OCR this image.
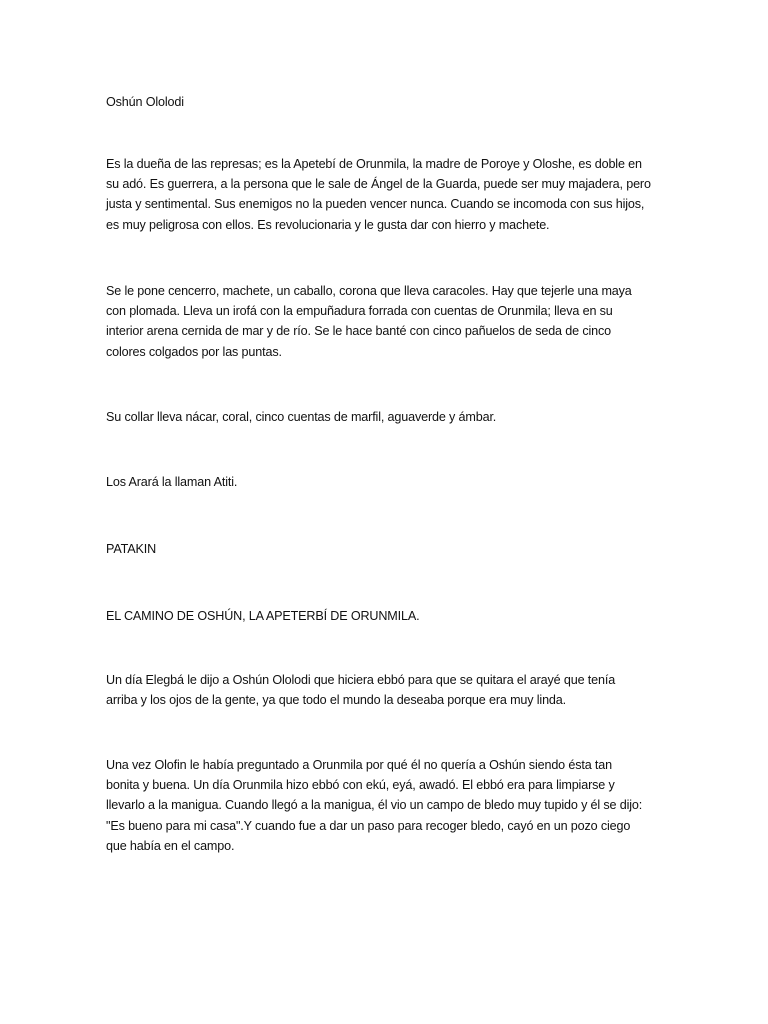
Oshún Ololodi

Es la dueña de las represas; es la Apetebí de Orunmila, la madre de Poroye y Oloshe, es doble en
su adó. Es guerrera, a la persona que le sale de Ángel de la Guarda, puede ser muy majadera, pero
justa y sentimental. Sus enemigos no la pueden vencer nunca. Cuando se incomoda con sus hijos,
es muy peligrosa con ellos. Es revolucionaria y le gusta dar con hierro y machete.

Se le pone cencerro, machete, un caballo, corona que lleva caracoles. Hay que tejerle una maya
con plomada. Lleva un irofá con la empuñadura forrada con cuentas de Orunmila; lleva en su
interior arena cernida de mar y de río. Se le hace banté con cinco pañuelos de seda de cinco
colores colgados por las puntas.

Su collar lleva nácar, coral, cinco cuentas de marfil, aguaverde y ámbar.

Los Arará la llaman Atiti.

PATAKIN

EL CAMINO DE OSHÚN, LA APETERBÍ DE ORUNMILA.

Un día Elegbá le dijo a Oshún Ololodi que hiciera ebbó para que se quitara el arayé que tenía
arriba y los ojos de la gente, ya que todo el mundo la deseaba porque era muy linda.

Una vez Olofin le había preguntado a Orunmila por qué él no quería a Oshún siendo ésta tan
bonita y buena. Un día Orunmila hizo ebbó con ekú, eyá, awadó. El ebbó era para limpiarse y
llevarlo a la manigua. Cuando llegó a la manigua, él vio un campo de bledo muy tupido y él se dijo:
"Es bueno para mi casa".Y cuando fue a dar un paso para recoger bledo, cayó en un pozo ciego
que había en el campo.
